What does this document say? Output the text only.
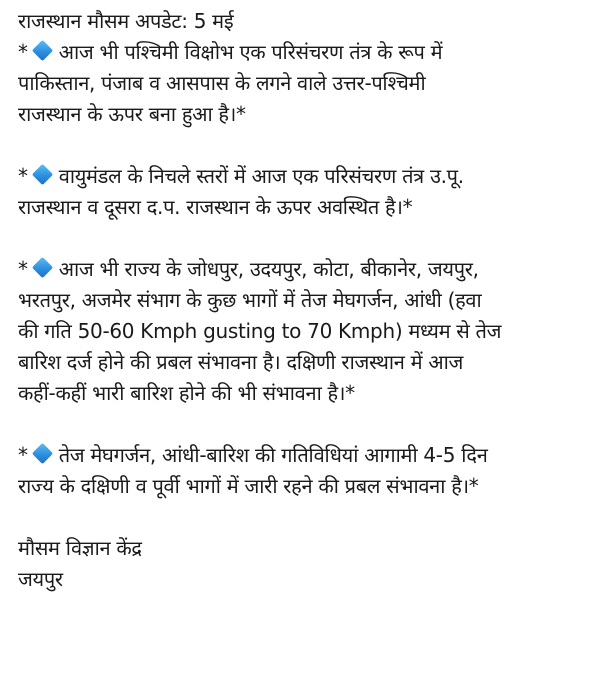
राजस्थान मौसम अपडेट: 5 मई
* आज भी पश्चिमी विक्षोभ एक परिसंचरण तंत्र के रूप में
पाकिस्तान, पंजाब व आसपास के लगने वाले उत्तर-पश्चिमी
राजस्थान के ऊपर बना हुआ है।*
* वायुमंडल के निचले स्तरों में आज एक परिसंचरण तंत्र उ.पू.
राजस्थान व दूसरा द.प. राजस्थान के ऊपर अवस्थित है।*
* आज भी राज्य के जोधपुर, उदयपुर, कोटा, बीकानेर, जयपुर,
भरतपुर, अजमेर संभाग के कुछ भागों में तेज मेघगर्जन, आंधी (हवा
की गति 50-60 Kmph gusting to 70 Kmph) मध्यम से तेज
बारिश दर्ज होने की प्रबल संभावना है। दक्षिणी राजस्थान में आज
कहीं-कहीं भारी बारिश होने की भी संभावना है।*
* तेज मेघगर्जन, आंधी-बारिश की गतिविधियां आगामी 4-5 दिन
राज्य के दक्षिणी व पूर्वी भागों में जारी रहने की प्रबल संभावना है।*
मौसम विज्ञान केंद्र
जयपुर
